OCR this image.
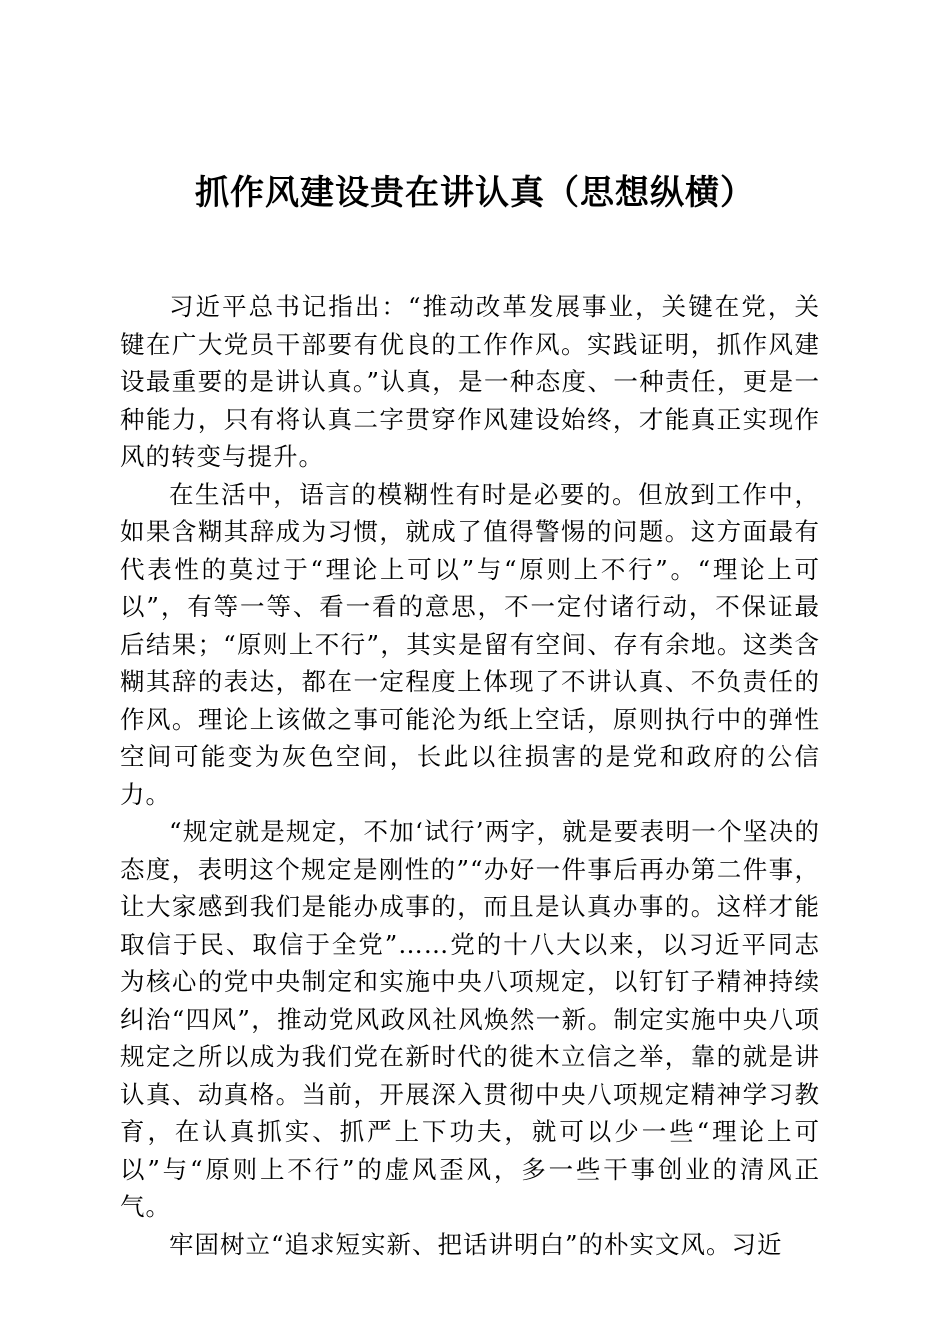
抓作风建设贵在讲认真（思想纵横）

习近平总书记指出：“推动改革发展事业，关键在党，关键在广大党员干部要有优良的工作作风。实践证明，抓作风建设最重要的是讲认真。”认真，是一种态度、一种责任，更是一种能力，只有将认真二字贯穿作风建设始终，才能真正实现作风的转变与提升。

在生活中，语言的模糊性有时是必要的。但放到工作中，如果含糊其辞成为习惯，就成了值得警惕的问题。这方面最有代表性的莫过于“理论上可以”与“原则上不行”。“理论上可以”，有等一等、看一看的意思，不一定付诸行动，不保证最后结果；“原则上不行”，其实是留有空间、存有余地。这类含糊其辞的表达，都在一定程度上体现了不讲认真、不负责任的作风。理论上该做之事可能沦为纸上空话，原则执行中的弹性空间可能变为灰色空间，长此以往损害的是党和政府的公信力。

“规定就是规定，不加‘试行’两字，就是要表明一个坚决的态度，表明这个规定是刚性的”“办好一件事后再办第二件事，让大家感到我们是能办成事的，而且是认真办事的。这样才能取信于民、取信于全党”……党的十八大以来，以习近平同志为核心的党中央制定和实施中央八项规定，以钉钉子精神持续纠治“四风”，推动党风政风社风焕然一新。制定实施中央八项规定之所以成为我们党在新时代的徙木立信之举，靠的就是讲认真、动真格。当前，开展深入贯彻中央八项规定精神学习教育，在认真抓实、抓严上下功夫，就可以少一些“理论上可以”与“原则上不行”的虚风歪风，多一些干事创业的清风正气。

牢固树立“追求短实新、把话讲明白”的朴实文风。习近
